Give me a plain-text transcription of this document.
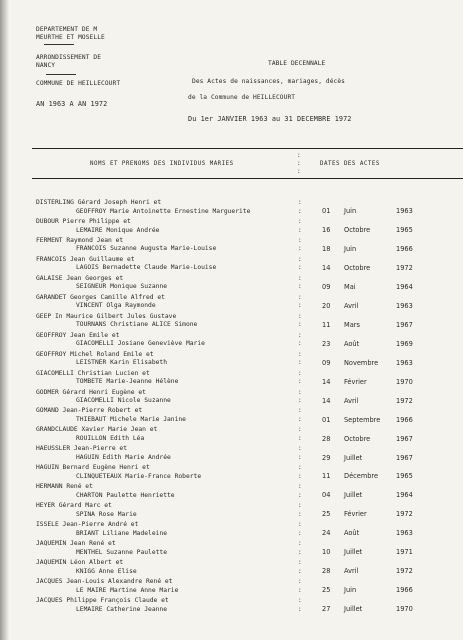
DEPARTEMENT DE M
MEURTHE ET MOSELLE
ARRONDISSEMENT DE
NANCY
COMMUNE DE HEILLECOURT
AN 1963 A AN 1972
TABLE DECENNALE
Des Actes de naissances, mariages, décès
de la Commune de HEILLECOURT
Du 1er JANVIER 1963 au 31 DECEMBRE 1972
NOMS ET PRENOMS DES INDIVIDUS MARIES	DATES DES ACTES
:
:
:
DISTERLING Gérard Joseph Henri et
GEOFFROY Marie Antoinette Ernestine Marguerite
:
:	01 Juin	1963
DUBOUR Pierre Philippe et
LEMAIRE Monique Andrée
:
:	16 Octobre	1965
FERMENT Raymond Jean et
FRANCOIS Suzanne Augusta Marie-Louise
:
:	18 Juin	1966
FRANCOIS Jean Guillaume et
LAGOIS Bernadette Claude Marie-Louise
:
:	14 Octobre	1972
GALAISE Jean Georges et
SEIGNEUR Monique Suzanne
:
:	09 Mai	1964
GARANDET Georges Camille Alfred et
VINCENT Olga Raymonde
:
:	20 Avril	1963
GEEP In Maurice Gilbert Jules Gustave
TOURNANS Christiane ALICE Simone
:
:	11 Mars	1967
GEOFFROY Jean Emile et
GIACOMELLI Josiane Geneviève Marie
:
:	23 Août	1969
GEOFFROY Michel Roland Emile et
LEISTNER Karin Elisabeth
:
:	09 Novembre	1963
GIACOMELLI Christian Lucien et
TOMBETE Marie-Jeanne Hélène
:
:	14 Février	1970
GODMER Gérard Henri Eugène et
GIACOMELLI Nicole Suzanne
:
:	14 Avril	1972
GOMAND Jean-Pierre Robert et
THIEBAUT Michele Marie Janine
:
:	01 Septembre 1966
GRANDCLAUDE Xavier Marie Jean et
ROUILLON Edith Léa
:
:	28 Octobre	1967
HAEUSSLER Jean-Pierre et
HAGUIN Edith Marie Andrée
:
:	29 Juillet	1967
HAGUIN Bernard Eugène Henri et
CLINQUETEAUX Marie-France Roberte
:
:	11 Décembre	1965
HERMANN René et
CHARTON Paulette Henriette
:
:	04 Juillet	1964
HEYER Gérard Marc et
SPINA Rose Marie
:
:	25 Février	1972
ISSELE Jean-Pierre André et
BRIANT Liliane Madeleine
:
:	24 Août	1963
JAQUEMIN Jean René et
MENTHEL Suzanne Paulette
:
:	10 Juillet	1971
JAQUEMIN Léon Albert et
KNIGG Anne Elise
:
:	28 Avril	1972
JACQUES Jean-Louis Alexandre René et
LE MAIRE Martine Anne Marie
:
:	25 Juin	1966
JACQUES Philippe François Claude et
LEMAIRE Catherine Jeanne
:
:	27 Juillet	1970
